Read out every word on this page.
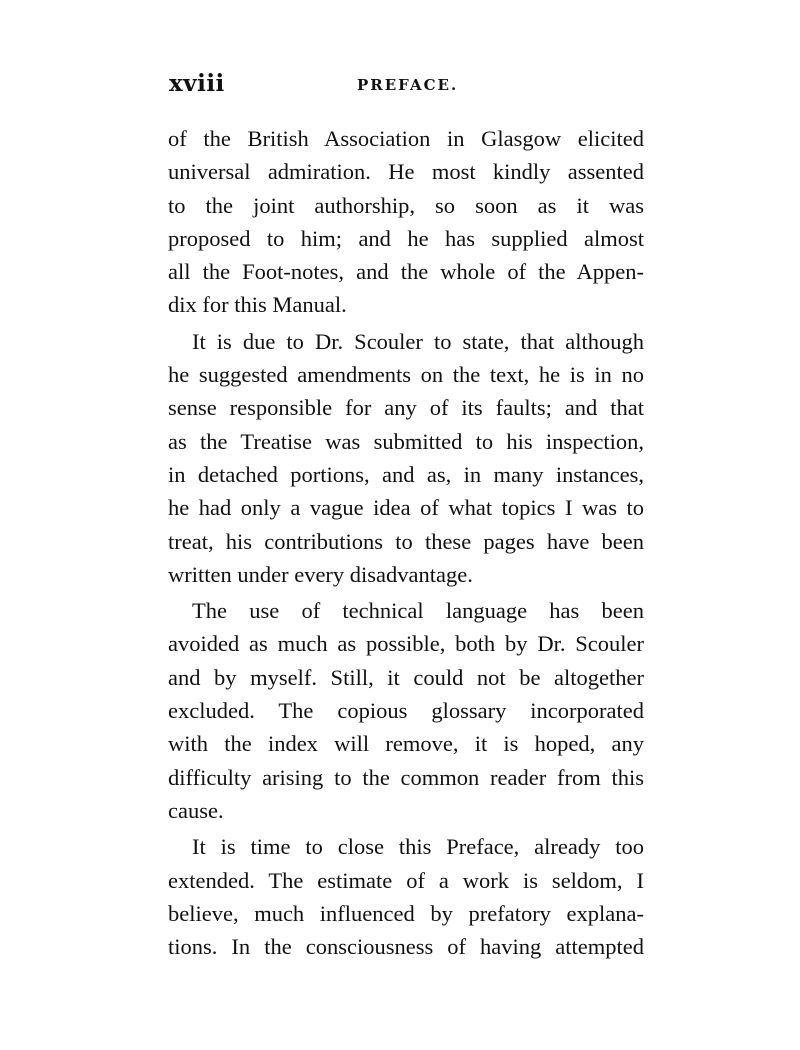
xviii	PREFACE.
of the British Association in Glasgow elicited
universal admiration. He most kindly assented
to the joint authorship, so soon as it was
proposed to him; and he has supplied almost
all the Foot-notes, and the whole of the Appen-
dix for this Manual.
It is due to Dr. Scouler to state, that although
he suggested amendments on the text, he is in no
sense responsible for any of its faults; and that
as the Treatise was submitted to his inspection,
in detached portions, and as, in many instances,
he had only a vague idea of what topics I was to
treat, his contributions to these pages have been
written under every disadvantage.
The use of technical language has been
avoided as much as possible, both by Dr. Scouler
and by myself. Still, it could not be altogether
excluded. The copious glossary incorporated
with the index will remove, it is hoped, any
difficulty arising to the common reader from this
cause.
It is time to close this Preface, already too
extended. The estimate of a work is seldom, I
believe, much influenced by prefatory explana-
tions. In the consciousness of having attempted
